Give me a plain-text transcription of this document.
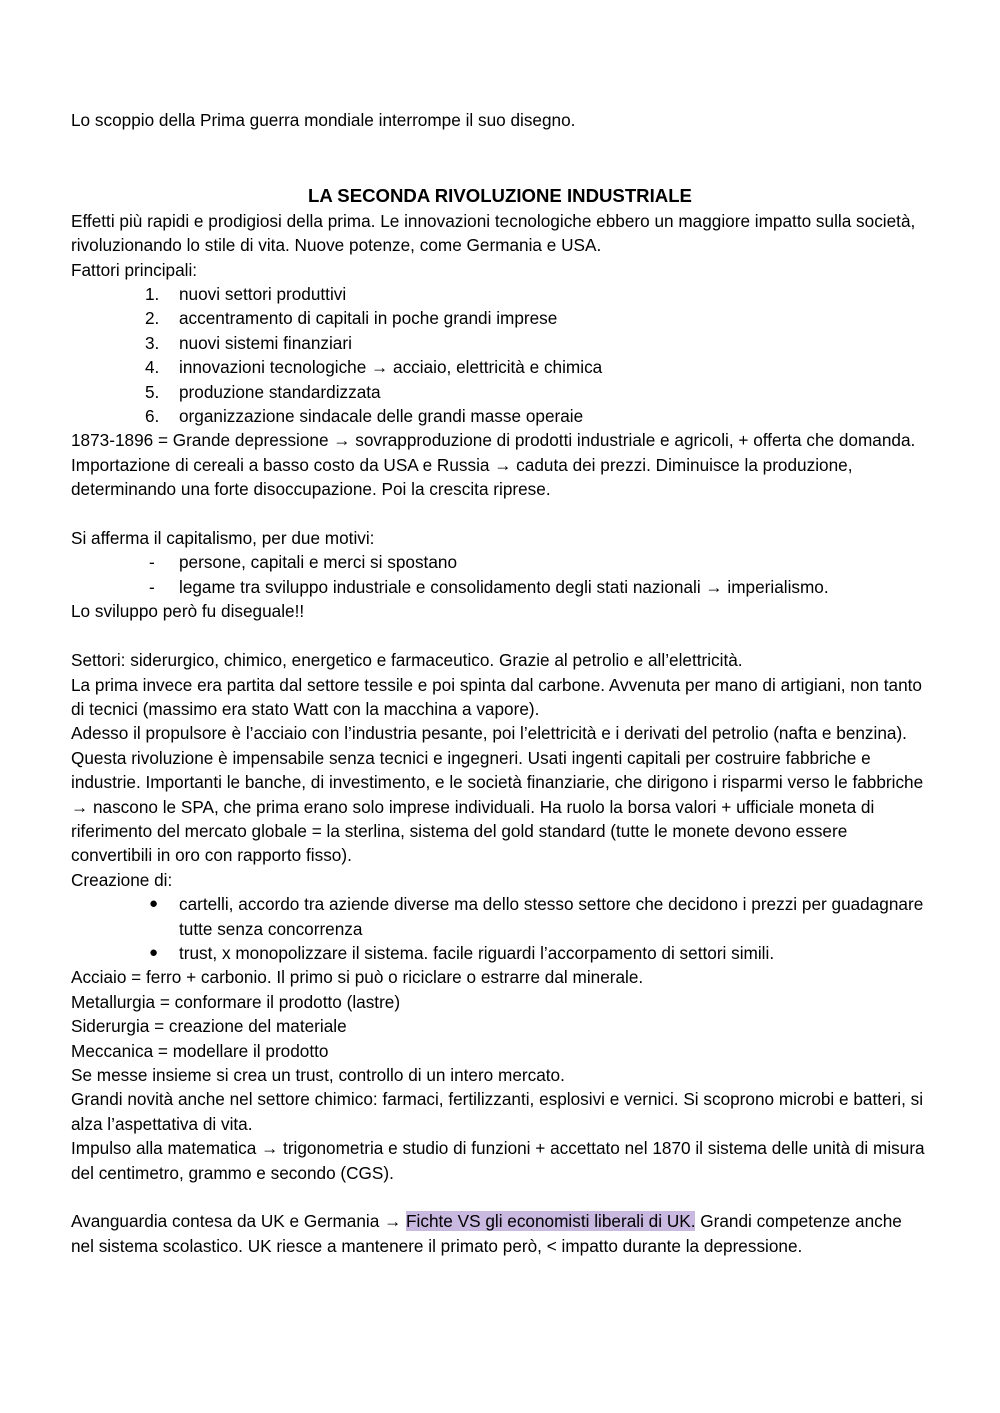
Lo scoppio della Prima guerra mondiale interrompe il suo disegno.

LA SECONDA RIVOLUZIONE INDUSTRIALE

Effetti più rapidi e prodigiosi della prima. Le innovazioni tecnologiche ebbero un maggiore impatto sulla società, rivoluzionando lo stile di vita. Nuove potenze, come Germania e USA.

Fattori principali:

1.	nuovi settori produttivi
2.	accentramento di capitali in poche grandi imprese
3.	nuovi sistemi finanziari
4.	innovazioni tecnologiche → acciaio, elettricità e chimica
5.	produzione standardizzata
6.	organizzazione sindacale delle grandi masse operaie

1873-1896 = Grande depressione → sovrapproduzione di prodotti industriale e agricoli, + offerta che domanda. Importazione di cereali a basso costo da USA e Russia → caduta dei prezzi. Diminuisce la produzione, determinando una forte disoccupazione. Poi la crescita riprese.

Si afferma il capitalismo, per due motivi:

-	persone, capitali e merci si spostano
-	legame tra sviluppo industriale e consolidamento degli stati nazionali → imperialismo.

Lo sviluppo però fu diseguale!!

Settori: siderurgico, chimico, energetico e farmaceutico. Grazie al petrolio e all’elettricità.

La prima invece era partita dal settore tessile e poi spinta dal carbone. Avvenuta per mano di artigiani, non tanto di tecnici (massimo era stato Watt con la macchina a vapore).

Adesso il propulsore è l’acciaio con l’industria pesante, poi l’elettricità e i derivati del petrolio (nafta e benzina). Questa rivoluzione è impensabile senza tecnici e ingegneri. Usati ingenti capitali per costruire fabbriche e industrie. Importanti le banche, di investimento, e le società finanziarie, che dirigono i risparmi verso le fabbriche → nascono le SPA, che prima erano solo imprese individuali. Ha ruolo la borsa valori + ufficiale moneta di riferimento del mercato globale = la sterlina, sistema del gold standard (tutte le monete devono essere convertibili in oro con rapporto fisso).

Creazione di:

●	cartelli, accordo tra aziende diverse ma dello stesso settore che decidono i prezzi per guadagnare tutte senza concorrenza
●	trust, x monopolizzare il sistema. facile riguardi l’accorpamento di settori simili.

Acciaio = ferro + carbonio. Il primo si può o riciclare o estrarre dal minerale.

Metallurgia = conformare il prodotto (lastre)

Siderurgia = creazione del materiale

Meccanica = modellare il prodotto

Se messe insieme si crea un trust, controllo di un intero mercato.

Grandi novità anche nel settore chimico: farmaci, fertilizzanti, esplosivi e vernici. Si scoprono microbi e batteri, si alza l’aspettativa di vita.

Impulso alla matematica → trigonometria e studio di funzioni + accettato nel 1870 il sistema delle unità di misura del centimetro, grammo e secondo (CGS).

Avanguardia contesa da UK e Germania → Fichte VS gli economisti liberali di UK. Grandi competenze anche nel sistema scolastico. UK riesce a mantenere il primato però, < impatto durante la depressione.
